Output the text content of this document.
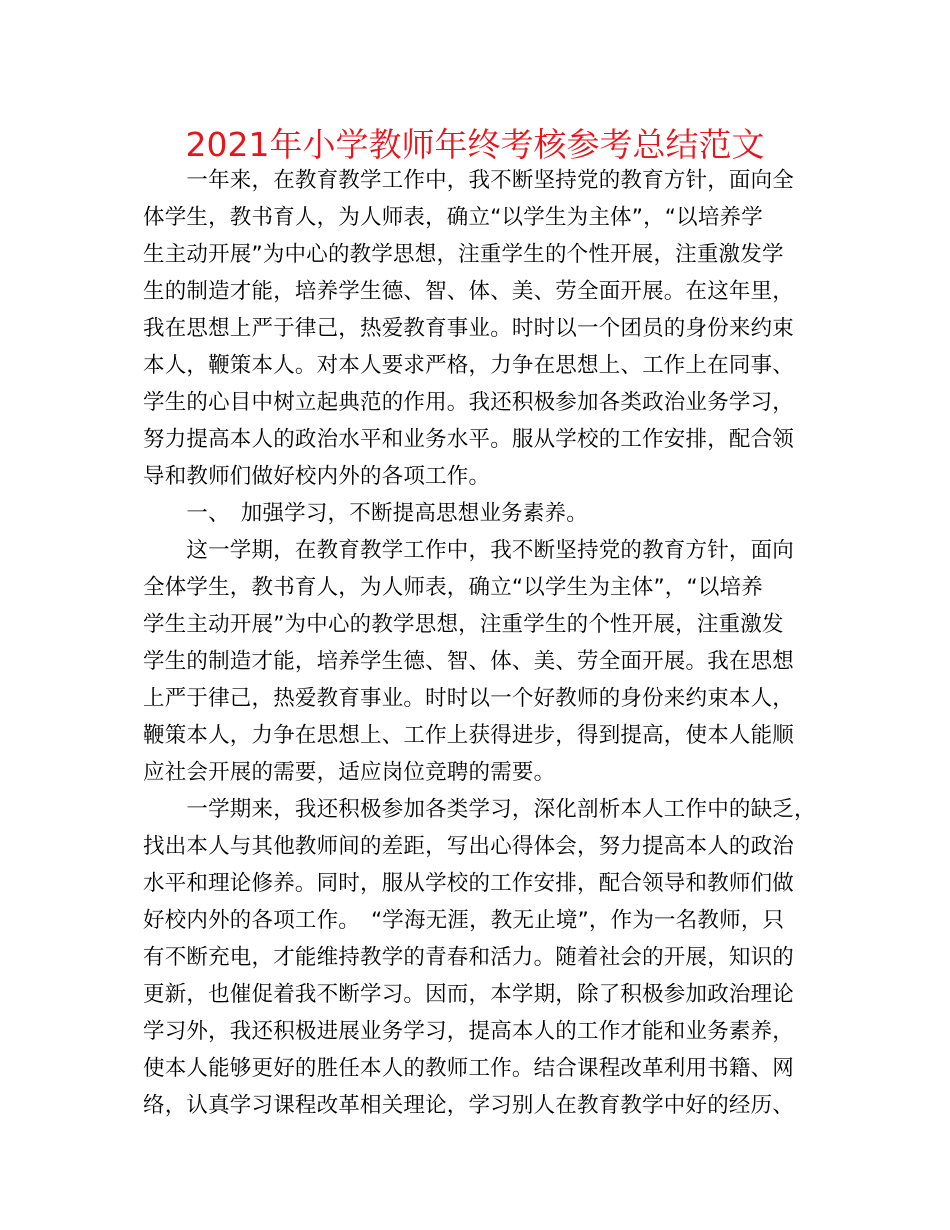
2021年小学教师年终考核参考总结范文
　　一年来，在教育教学工作中，我不断坚持党的教育方针，面向全
体学生，教书育人，为人师表，确立“以学生为主体”，“以培养学
生主动开展”为中心的教学思想，注重学生的个性开展，注重激发学
生的制造才能，培养学生德、智、体、美、劳全面开展。在这年里，
我在思想上严于律己，热爱教育事业。时时以一个团员的身份来约束
本人，鞭策本人。对本人要求严格，力争在思想上、工作上在同事、
学生的心目中树立起典范的作用。我还积极参加各类政治业务学习，
努力提高本人的政治水平和业务水平。服从学校的工作安排，配合领
导和教师们做好校内外的各项工作。
　　一、　加强学习，不断提高思想业务素养。
　　这一学期，在教育教学工作中，我不断坚持党的教育方针，面向
全体学生，教书育人，为人师表，确立“以学生为主体”，“以培养
学生主动开展”为中心的教学思想，注重学生的个性开展，注重激发
学生的制造才能，培养学生德、智、体、美、劳全面开展。我在思想
上严于律己，热爱教育事业。时时以一个好教师的身份来约束本人，
鞭策本人，力争在思想上、工作上获得进步，得到提高，使本人能顺
应社会开展的需要，适应岗位竞聘的需要。
　　一学期来，我还积极参加各类学习，深化剖析本人工作中的缺乏，
找出本人与其他教师间的差距，写出心得体会，努力提高本人的政治
水平和理论修养。同时，服从学校的工作安排，配合领导和教师们做
好校内外的各项工作。　“学海无涯，教无止境”，作为一名教师，只
有不断充电，才能维持教学的青春和活力。随着社会的开展，知识的
更新，也催促着我不断学习。因而，本学期，除了积极参加政治理论
学习外，我还积极进展业务学习，提高本人的工作才能和业务素养，
使本人能够更好的胜任本人的教师工作。结合课程改革利用书籍、网
络，认真学习课程改革相关理论，学习别人在教育教学中好的经历、
